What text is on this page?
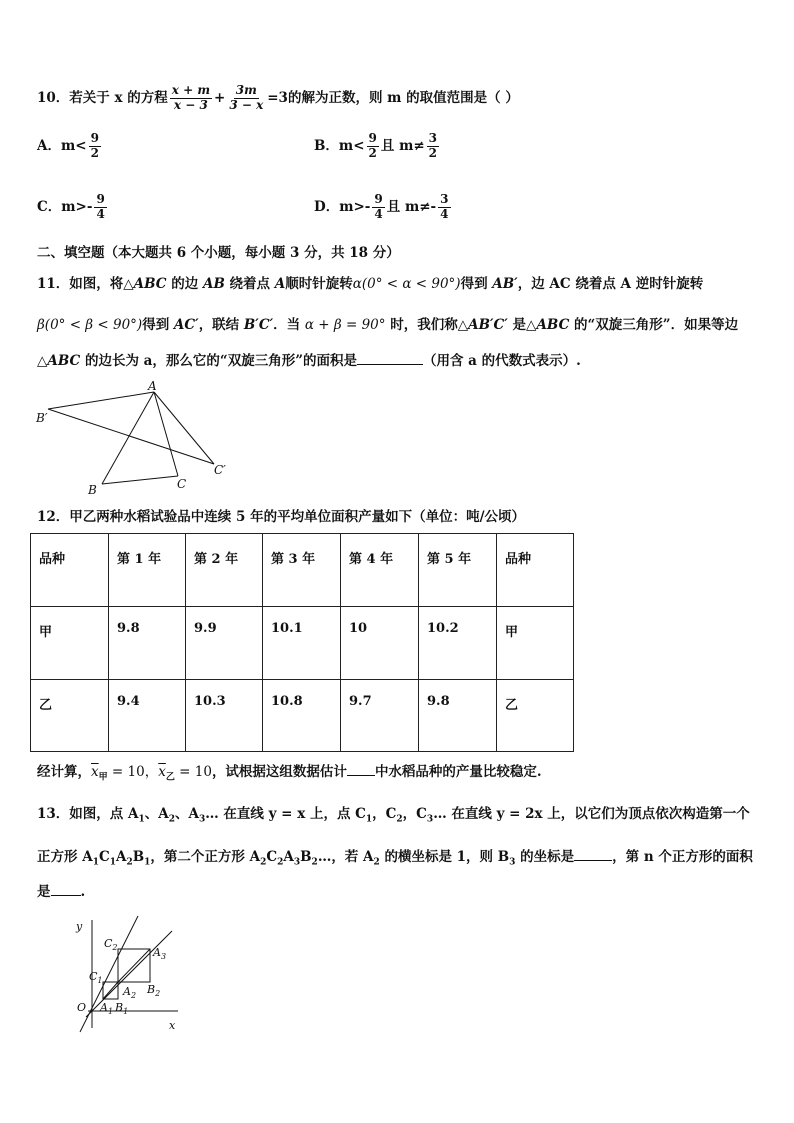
10．若关于 x 的方程 $\frac{x + m}{x - 3} + \frac{3m}{3 - x} =3$ 的解为正数，则 m 的取值范围是（ ）
A．$m< \frac{9}{2}$	B．$m< \frac{9}{2}$ 且 $m\ne \frac{3}{2}$
C．$m>- \frac{9}{4}$	D．$m>- \frac{9}{4}$ 且 $m\ne- \frac{3}{4}$
二、填空题（本大题共 6 个小题，每小题 3 分，共 18 分）
11．如图，将△ABC 的边 AB 绕着点 A顺时针旋转α(0° < α < 90°)得到 AB′，边 AC 绕着点 A 逆时针旋转
β(0° < β < 90°)得到 AC′，联结 B′C′．当 α + β = 90° 时，我们称△AB′C′ 是△ABC 的“双旋三角形”．如果等边
△ABC 的边长为 a，那么它的“双旋三角形”的面积是	（用含 a 的代数式表示）.
A
B′
B	C
C′
12．甲乙两种水稻试验品中连续 5 年的平均单位面积产量如下（单位：吨/公顷）
品种	第 1 年	第 2 年	第 3 年	第 4 年	第 5 年	品种
甲	9.8	9.9	10.1	10	10.2	甲
乙	9.4	10.3	10.8	9.7	9.8	乙
经计算，$\overline{x}_甲 = 10$，$\overline{x}_乙 = 10$，试根据这组数据估计 中水稻品种的产量比较稳定.
13．如图，点 $A_1$、$A_2$、$A_3\dots$ 在直线 y = x 上，点 $C_1$，$C_2$，$C_3\dots$ 在直线 y = 2x 上，以它们为顶点依次构造第一个
正方形 $A_1C_1A_2B_1$，第二个正方形 $A_2C_2A_3B_2\dots$，若 $A_2$ 的横坐标是 1，则 $B_3$ 的坐标是	，第 n 个正方形的面积
是 .
y
x
O
$C_2$
$C_1$
$A_3$
$A_2$ $B_2$
$A_1$ $B_1$
